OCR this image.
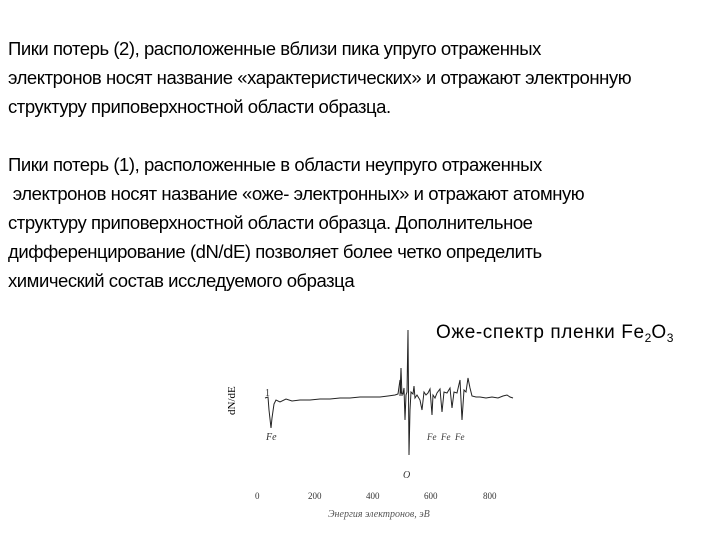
Пики потерь (2), расположенные вблизи пика упруго отраженных
электронов носят название «характеристических» и отражают электронную
структуру приповерхностной области образца.
Пики потерь (1), расположенные в области неупруго отраженных
электронов носят название «оже- электронных» и отражают атомную
структуру приповерхностной области образца. Дополнительное
дифференцирование (dN/dE) позволяет более четко определить
химический состав исследуемого образца
Оже-спектр пленки $Fe_2O_3$
dN/dE
Fe
O
Fe  Fe  Fe
1
0	200	400	600	800
Энергия электронов, эВ
